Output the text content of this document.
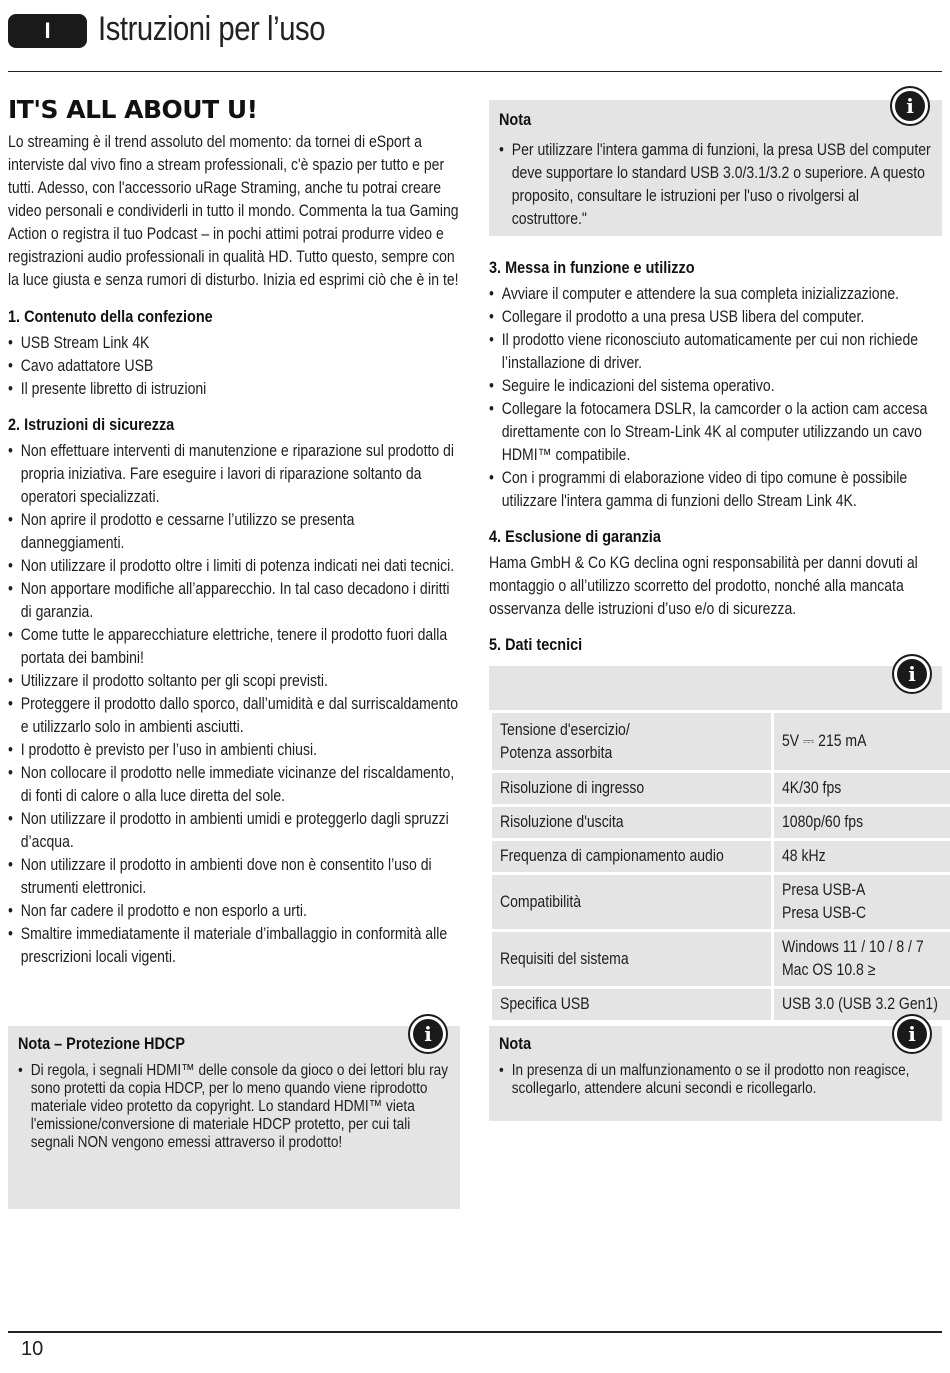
I	Istruzioni per l’uso
IT'S ALL ABOUT U!

Lo streaming è il trend assoluto del momento: da tornei di eSport a interviste dal vivo fino a stream professionali, c'è spazio per tutto e per tutti. Adesso, con l'accessorio uRage Straming, anche tu potrai creare video personali e condividerli in tutto il mondo. Commenta la tua Gaming Action o registra il tuo Podcast – in pochi attimi potrai produrre video e registrazioni audio professionali in qualità HD. Tutto questo, sempre con la luce giusta e senza rumori di disturbo. Inizia ed esprimi ciò che è in te!

1. Contenuto della confezione
• USB Stream Link 4K
• Cavo adattatore USB
• Il presente libretto di istruzioni
2. Istruzioni di sicurezza
• Non effettuare interventi di manutenzione e riparazione sul prodotto di propria iniziativa. Fare eseguire i lavori di riparazione soltanto da operatori specializzati.
• Non aprire il prodotto e cessarne l’utilizzo se presenta danneggiamenti.
• Non utilizzare il prodotto oltre i limiti di potenza indicati nei dati tecnici.
• Non apportare modifiche all’apparecchio. In tal caso decadono i diritti di garanzia.
• Come tutte le apparecchiature elettriche, tenere il prodotto fuori dalla portata dei bambini!
• Utilizzare il prodotto soltanto per gli scopi previsti.
• Proteggere il prodotto dallo sporco, dall’umidità e dal surriscaldamento e utilizzarlo solo in ambienti asciutti.
• I prodotto è previsto per l’uso in ambienti chiusi.
• Non collocare il prodotto nelle immediate vicinanze del riscaldamento, di fonti di calore o alla luce diretta del sole.
• Non utilizzare il prodotto in ambienti umidi e proteggerlo dagli spruzzi d’acqua.
• Non utilizzare il prodotto in ambienti dove non è consentito l’uso di strumenti elettronici.
• Non far cadere il prodotto e non esporlo a urti.
• Smaltire immediatamente il materiale d’imballaggio in conformità alle prescrizioni locali vigenti.
i
Nota – Protezione HDCP
• Di regola, i segnali HDMI™ delle console da gioco o dei lettori blu ray sono protetti da copia HDCP, per lo meno quando viene riprodotto materiale video protetto da copyright. Lo standard HDMI™ vieta l'emissione/conversione di materiale HDCP protetto, per cui tali segnali NON vengono emessi attraverso il prodotto!
i
Nota
• Per utilizzare l'intera gamma di funzioni, la presa USB del computer deve supportare lo standard USB 3.0/3.1/3.2 o superiore. A questo proposito, consultare le istruzioni per l'uso o rivolgersi al costruttore."
3. Messa in funzione e utilizzo
• Avviare il computer e attendere la sua completa inizializzazione.
• Collegare il prodotto a una presa USB libera del computer.
• Il prodotto viene riconosciuto automaticamente per cui non richiede l’installazione di driver.
• Seguire le indicazioni del sistema operativo.
• Collegare la fotocamera DSLR, la camcorder o la action cam accesa direttamente con lo Stream-Link 4K al computer utilizzando un cavo HDMI™ compatibile.
• Con i programmi di elaborazione video di tipo comune è possibile utilizzare l'intera gamma di funzioni dello Stream Link 4K.
4. Esclusione di garanzia

Hama GmbH & Co KG declina ogni responsabilità per danni dovuti al montaggio o all’utilizzo scorretto del prodotto, nonché alla mancata osservanza delle istruzioni d’uso e/o di sicurezza.

5. Dati tecnici
i
Tensione d'esercizio/
Potenza assorbita	5V ⎓ 215 mA
Risoluzione di ingresso	4K/30 fps
Risoluzione d'uscita	1080p/60 fps
Frequenza di campionamento audio	48 kHz
Compatibilità	Presa USB-A
Presa USB-C
Requisiti del sistema	Windows 11 / 10 / 8 / 7
Mac OS 10.8 ≥
Specifica USB	USB 3.0 (USB 3.2 Gen1)
i
Nota
• In presenza di un malfunzionamento o se il prodotto non reagisce, scollegarlo, attendere alcuni secondi e ricollegarlo.
10
